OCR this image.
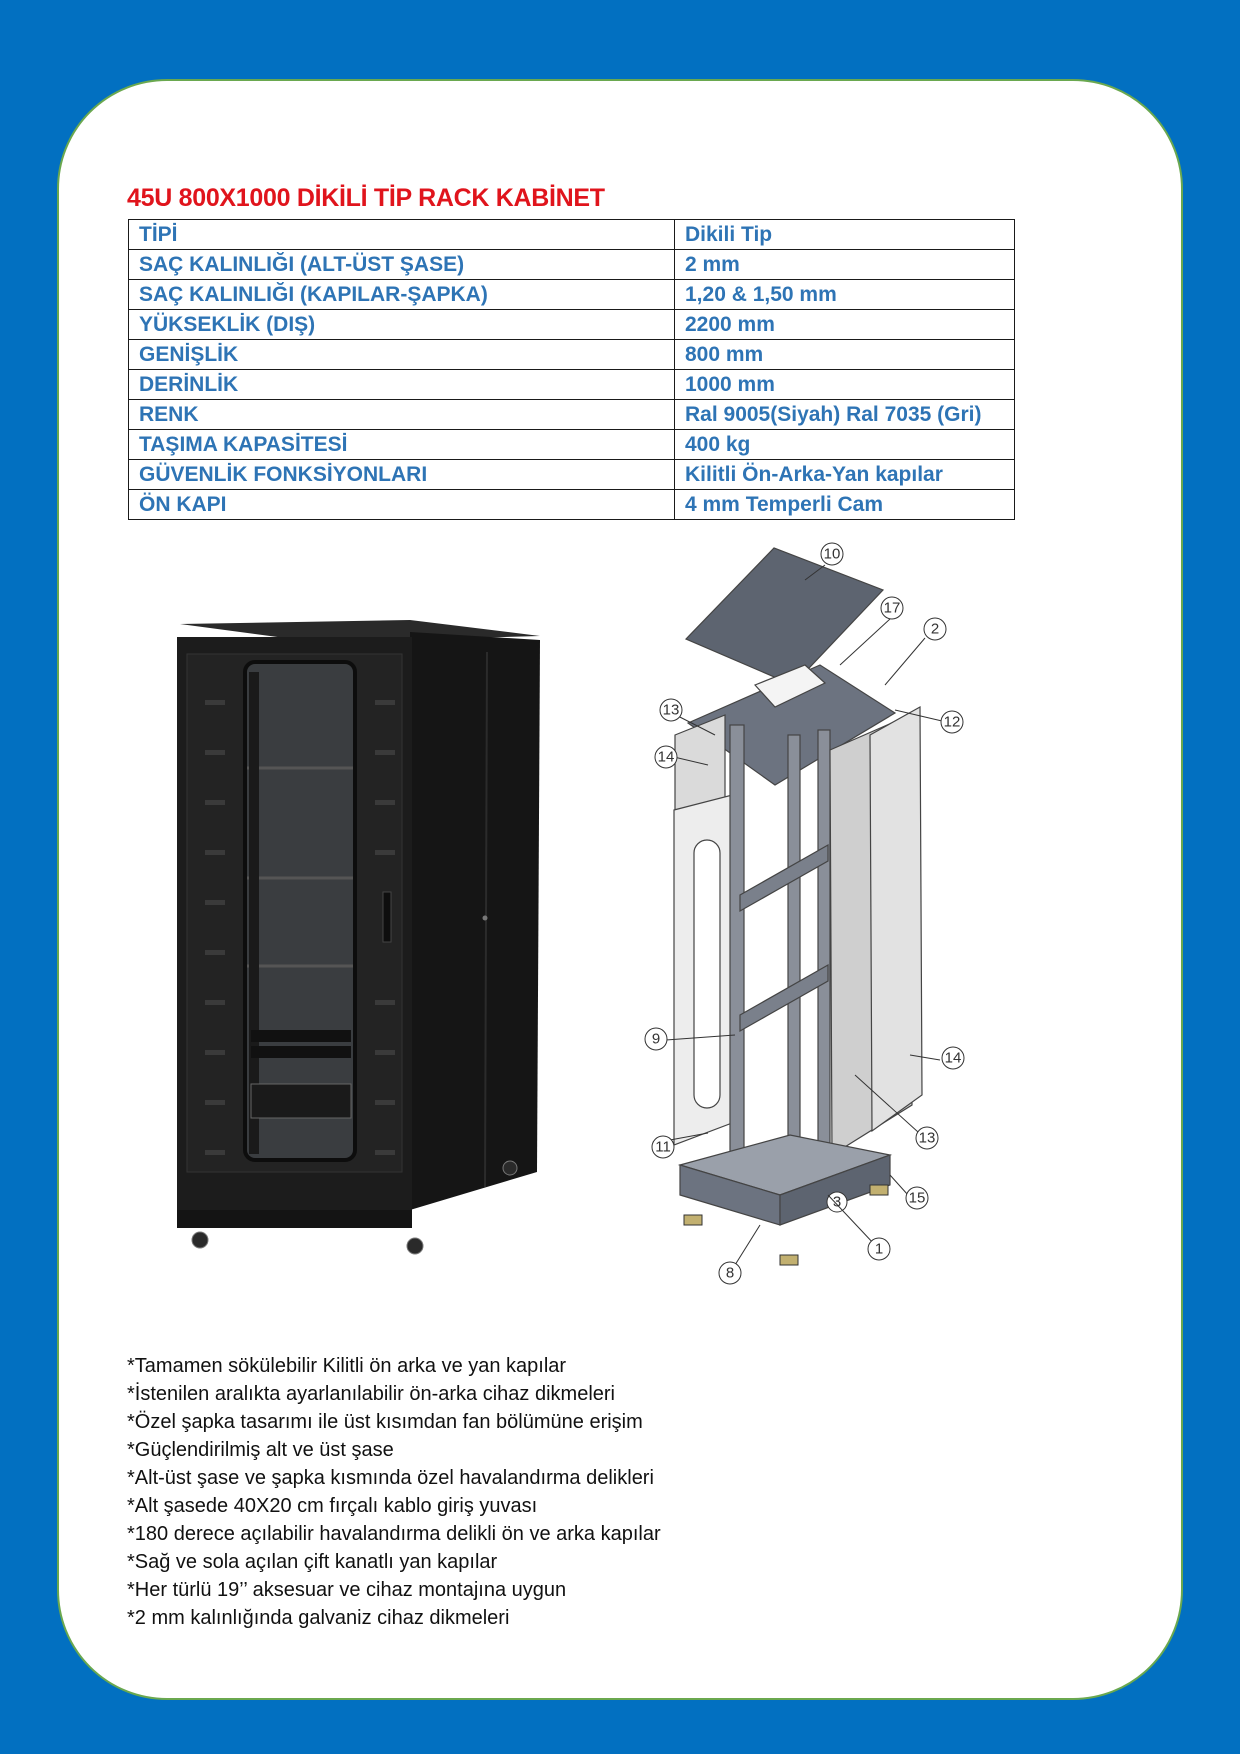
45U 800X1000 DİKİLİ TİP RACK KABİNET
TİPİ	Dikili Tip
SAÇ KALINLIĞI (ALT-ÜST ŞASE)	2 mm
SAÇ KALINLIĞI (KAPILAR-ŞAPKA)	1,20 & 1,50 mm
YÜKSEKLİK (DIŞ)	2200 mm
GENİŞLİK	800 mm
DERİNLİK	1000 mm
RENK	Ral 9005(Siyah) Ral 7035 (Gri)
TAŞIMA KAPASİTESİ	400 kg
GÜVENLİK FONKSİYONLARI	Kilitli Ön-Arka-Yan kapılar
ÖN KAPI	4 mm Temperli Cam
10
17
2
12
13
14
9
11
14
13
15
3
1
8
*Tamamen sökülebilir Kilitli ön arka ve yan kapılar
*İstenilen aralıkta ayarlanılabilir ön-arka cihaz dikmeleri
*Özel şapka tasarımı ile üst kısımdan fan bölümüne erişim
*Güçlendirilmiş alt ve üst şase
*Alt-üst şase ve şapka kısmında özel havalandırma delikleri
*Alt şasede 40X20 cm fırçalı kablo giriş yuvası
*180 derece açılabilir havalandırma delikli ön ve arka kapılar
*Sağ ve sola açılan çift kanatlı yan kapılar
*Her türlü 19’’ aksesuar ve cihaz montajına uygun
*2 mm kalınlığında galvaniz cihaz dikmeleri
